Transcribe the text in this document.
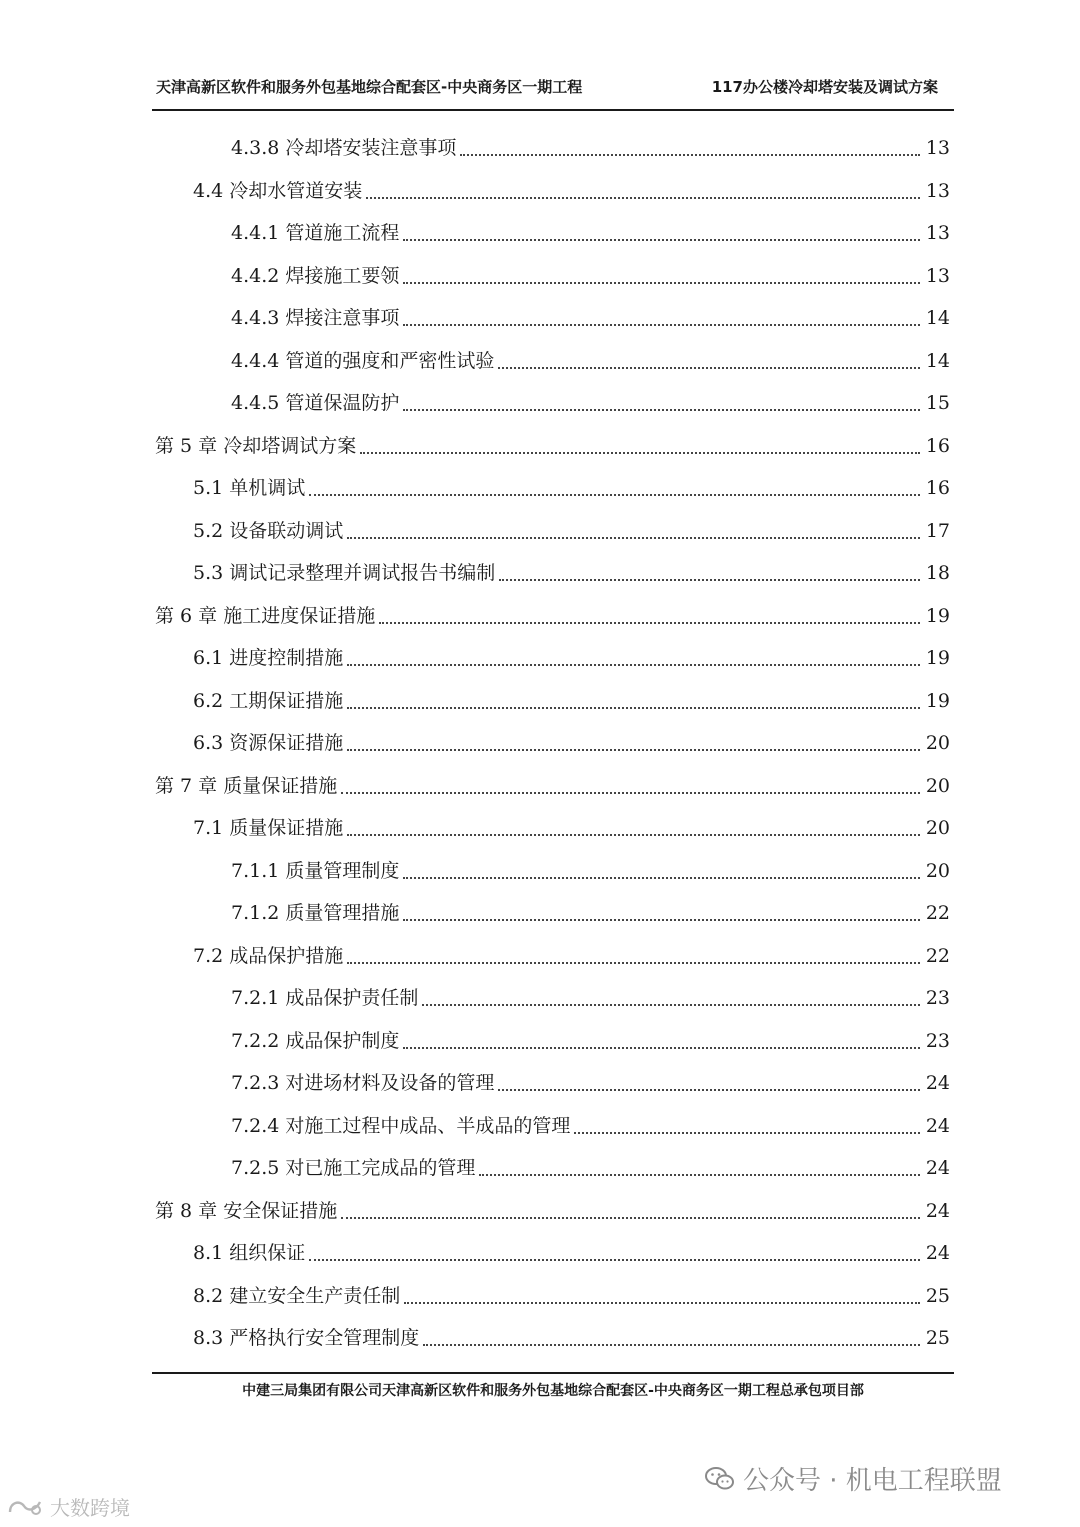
天津高新区软件和服务外包基地综合配套区-中央商务区一期工程	117办公楼冷却塔安装及调试方案
4.3.8 冷却塔安装注意事项	13
4.4 冷却水管道安装	13
4.4.1 管道施工流程	13
4.4.2 焊接施工要领	13
4.4.3 焊接注意事项	14
4.4.4 管道的强度和严密性试验	14
4.4.5 管道保温防护	15
第 5 章 冷却塔调试方案	16
5.1 单机调试	16
5.2 设备联动调试	17
5.3 调试记录整理并调试报告书编制	18
第 6 章 施工进度保证措施	19
6.1 进度控制措施	19
6.2 工期保证措施	19
6.3 资源保证措施	20
第 7 章 质量保证措施	20
7.1 质量保证措施	20
7.1.1 质量管理制度	20
7.1.2 质量管理措施	22
7.2 成品保护措施	22
7.2.1 成品保护责任制	23
7.2.2 成品保护制度	23
7.2.3 对进场材料及设备的管理	24
7.2.4 对施工过程中成品、半成品的管理	24
7.2.5 对已施工完成品的管理	24
第 8 章 安全保证措施	24
8.1 组织保证	24
8.2 建立安全生产责任制	25
8.3 严格执行安全管理制度	25
中建三局集团有限公司天津高新区软件和服务外包基地综合配套区-中央商务区一期工程总承包项目部
公众号 · 机电工程联盟
大数跨境
